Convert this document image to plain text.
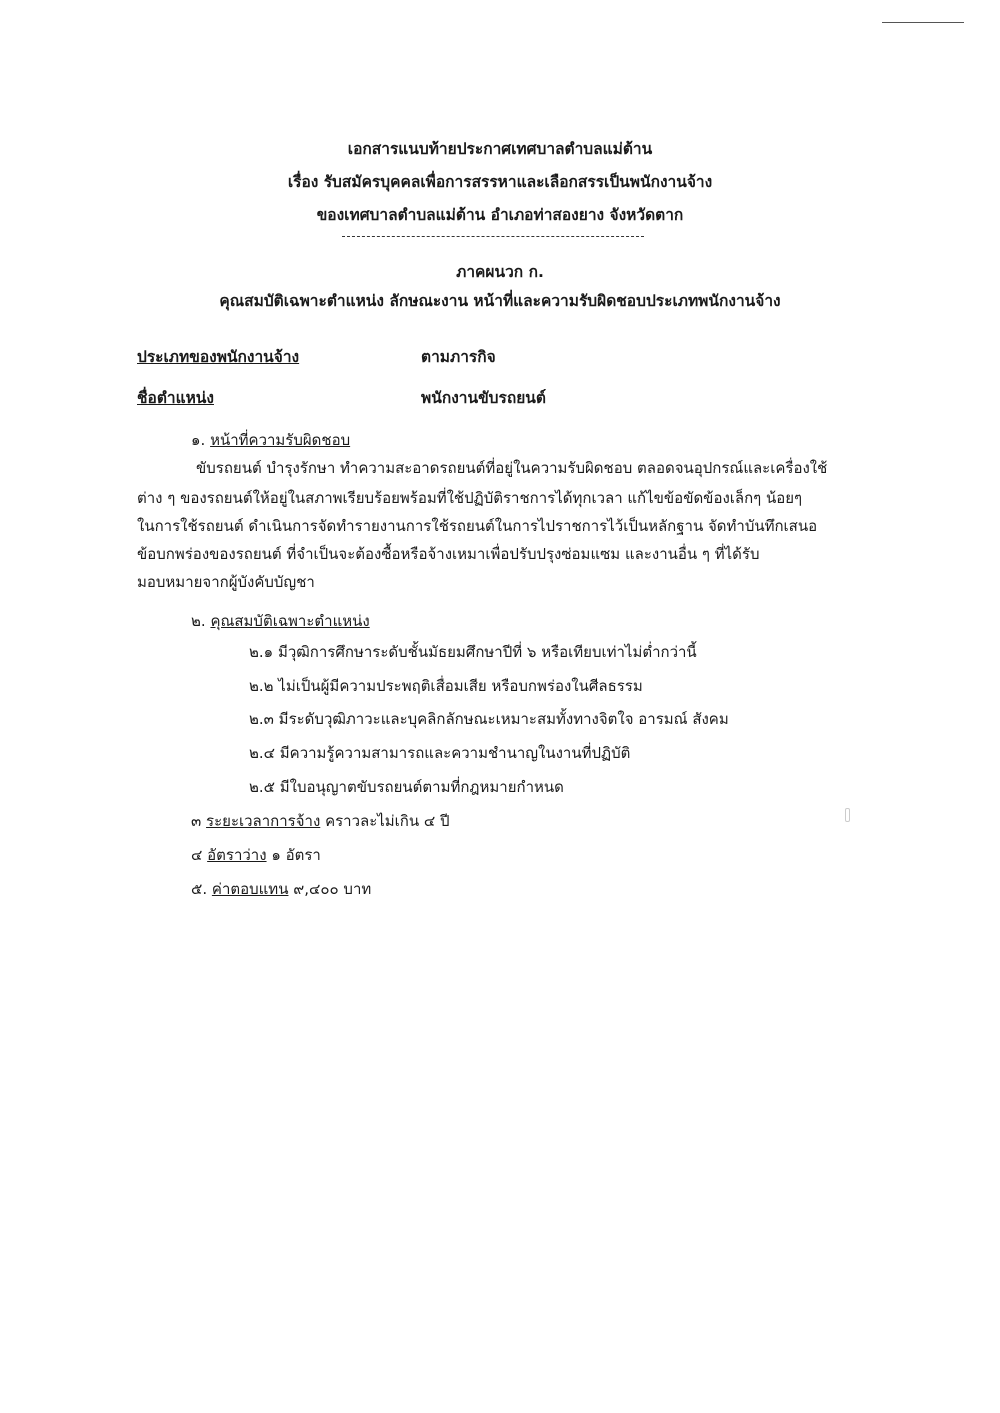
เอกสารแนบท้ายประกาศเทศบาลตำบลแม่ต้าน
เรื่อง รับสมัครบุคคลเพื่อการสรรหาและเลือกสรรเป็นพนักงานจ้าง
ของเทศบาลตำบลแม่ต้าน อำเภอท่าสองยาง จังหวัดตาก
ภาคผนวก ก.
คุณสมบัติเฉพาะตำแหน่ง ลักษณะงาน หน้าที่และความรับผิดชอบประเภทพนักงานจ้าง
ประเภทของพนักงานจ้าง	ตามภารกิจ
ชื่อตำแหน่ง	พนักงานขับรถยนต์
๑. หน้าที่ความรับผิดชอบ
ขับรถยนต์ บำรุงรักษา ทำความสะอาดรถยนต์ที่อยู่ในความรับผิดชอบ ตลอดจนอุปกรณ์และเครื่องใช้
ต่าง ๆ ของรถยนต์ให้อยู่ในสภาพเรียบร้อยพร้อมที่ใช้ปฏิบัติราชการได้ทุกเวลา แก้ไขข้อขัดข้องเล็กๆ น้อยๆ
ในการใช้รถยนต์ ดำเนินการจัดทำรายงานการใช้รถยนต์ในการไปราชการไว้เป็นหลักฐาน จัดทำบันทึกเสนอ
ข้อบกพร่องของรถยนต์ ที่จำเป็นจะต้องซื้อหรือจ้างเหมาเพื่อปรับปรุงซ่อมแซม และงานอื่น ๆ ที่ได้รับ
มอบหมายจากผู้บังคับบัญชา
๒. คุณสมบัติเฉพาะตำแหน่ง
๒.๑ มีวุฒิการศึกษาระดับชั้นมัธยมศึกษาปีที่ ๖ หรือเทียบเท่าไม่ต่ำกว่านี้
๒.๒ ไม่เป็นผู้มีความประพฤติเสื่อมเสีย หรือบกพร่องในศีลธรรม
๒.๓ มีระดับวุฒิภาวะและบุคลิกลักษณะเหมาะสมทั้งทางจิตใจ อารมณ์ สังคม
๒.๔ มีความรู้ความสามารถและความชำนาญในงานที่ปฏิบัติ
๒.๕ มีใบอนุญาตขับรถยนต์ตามที่กฎหมายกำหนด
๓ ระยะเวลาการจ้าง คราวละไม่เกิน ๔ ปี
๔ อัตราว่าง ๑ อัตรา
๕. ค่าตอบแทน ๙,๔๐๐ บาท
